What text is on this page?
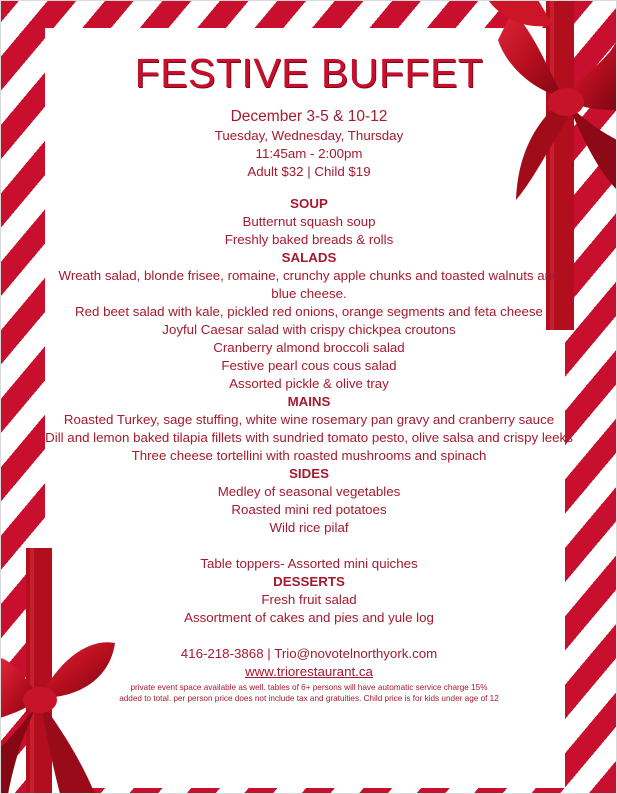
FESTIVE BUFFET
December 3-5 & 10-12
Tuesday, Wednesday, Thursday
11:45am - 2:00pm
Adult $32 | Child $19
SOUP
Butternut squash soup
Freshly baked breads & rolls
SALADS
Wreath salad, blonde frisee, romaine, crunchy apple chunks and toasted walnuts and blue cheese.
Red beet salad with kale, pickled red onions, orange segments and feta cheese
Joyful Caesar salad with crispy chickpea croutons
Cranberry almond broccoli salad
Festive pearl cous cous salad
Assorted pickle & olive tray
MAINS
Roasted Turkey, sage stuffing, white wine rosemary pan gravy and cranberry sauce
Dill and lemon baked tilapia fillets with sundried tomato pesto, olive salsa and crispy leeks
Three cheese tortellini with roasted mushrooms and spinach
SIDES
Medley of seasonal vegetables
Roasted mini red potatoes
Wild rice pilaf
Table toppers- Assorted mini quiches
DESSERTS
Fresh fruit salad
Assortment of cakes and pies and yule log
416-218-3868 | Trio@novotelnorthyork.com
www.triorestaurant.ca
private event space available as well. tables of 6+ persons will have automatic service charge 15% added to total. per person price does not include tax and gratuities. Child price is for kids under age of 12
